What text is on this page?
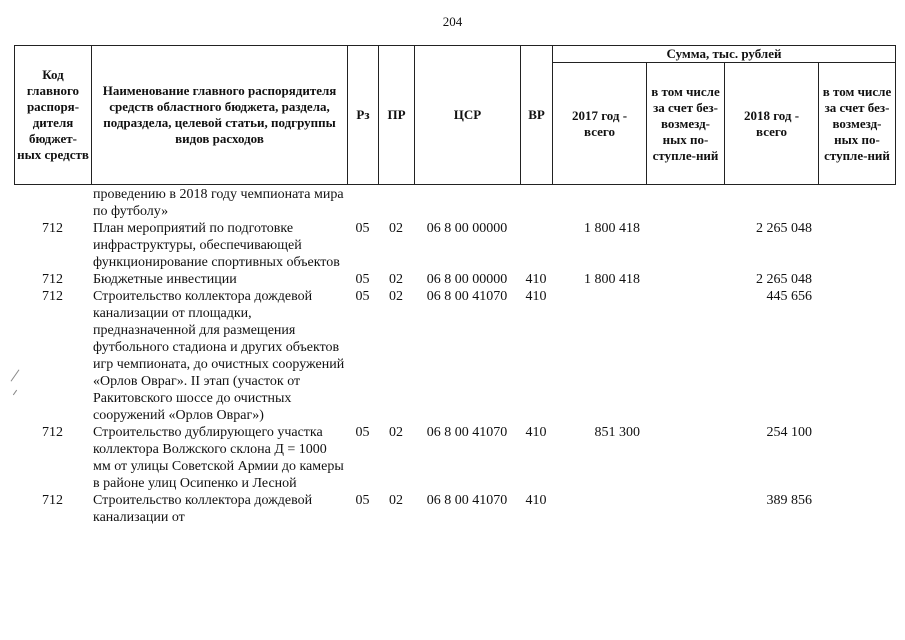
204
Код главного распоря-дителя бюджет-ных средств	Наименование главного распорядителя средств областного бюджета, раздела, подраздела, целевой статьи, подгруппы видов расходов	Рз	ПР	ЦСР	ВР	Сумма, тыс. рублей			
						2017 год - всего	в том числе за счет без-возмезд-ных по-ступле-ний	2018 год - всего	в том числе за счет без-возмезд-ных по-ступле-ний
	проведению в 2018 году чемпионата мира по футболу»								
712	План мероприятий по подготовке инфраструктуры, обеспечивающей функционирование спортивных объектов	05	02	06 8 00 00000		1 800 418		2 265 048	
712	Бюджетные инвестиции	05	02	06 8 00 00000	410	1 800 418		2 265 048	
712	Строительство коллектора дождевой канализации от площадки, предназначенной для размещения футбольного стадиона и других объектов игр чемпионата, до очистных сооружений «Орлов Овраг». II этап (участок от Ракитовского шоссе до очистных сооружений «Орлов Овраг»)	05	02	06 8 00 41070	410			445 656	
712	Строительство дублирующего участка коллектора Волжского склона Д = 1000 мм от улицы Советской Армии до камеры в районе улиц Осипенко и Лесной	05	02	06 8 00 41070	410	851 300		254 100	
712	Строительство коллектора дождевой канализации от	05	02	06 8 00 41070	410			389 856	
